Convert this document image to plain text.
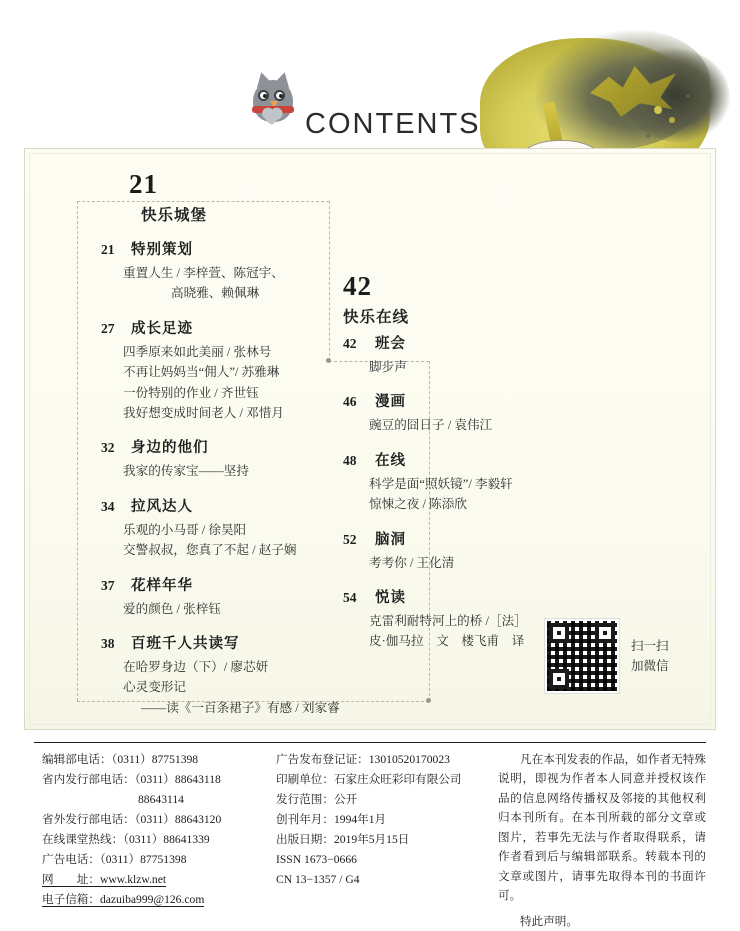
CONTENTS
21
快乐城堡
21	特别策划
重置人生 / 李梓萱、陈冠宇、
高晓雅、赖佩琳
27	成长足迹
四季原来如此美丽 / 张林号
不再让妈妈当“佣人”/ 苏雅琳
一份特别的作业 / 齐世钰
我好想变成时间老人 / 邓惜月
32	身边的他们
我家的传家宝——坚持
34	拉风达人
乐观的小马哥 / 徐昊阳
交警叔叔，您真了不起 / 赵子娴
37	花样年华
爱的颜色 / 张梓钰
38	百班千人共读写
在哈罗身边（下）/ 廖芯妍
心灵变形记
——读《一百条裙子》有感 / 刘家睿
42
快乐在线
42	班会
脚步声
46	漫画
豌豆的囧日子 / 袁伟江
48	在线
科学是面“照妖镜”/ 李毅轩
惊悚之夜 / 陈添欣
52	脑洞
考考你 / 王化清
54	悦读
克雷利耐特河上的桥 /［法］
皮·伽马拉　文　楼飞甫　译	扫一扫
加微信
编辑部电话：（0311）87751398
省内发行部电话：（0311）88643118
88643114
省外发行部电话：（0311）88643120
在线课堂热线：（0311）88641339
广告电话：（0311）87751398
网　　址：www.klzw.net
电子信箱：dazuiba999@126.com
广告发布登记证：13010520170023
印刷单位：石家庄众旺彩印有限公司
发行范围：公开
创刊年月：1994年1月
出版日期：2019年5月15日
ISSN 1673−0666
CN 13−1357 / G4
凡在本刊发表的作品，如作者无特殊说明，即视为作者本人同意并授权该作品的信息网络传播权及邻接的其他权利归本刊所有。在本刊所载的部分文章或图片，若事先无法与作者取得联系，请作者看到后与编辑部联系。转载本刊的文章或图片，请事先取得本刊的书面许可。
特此声明。
